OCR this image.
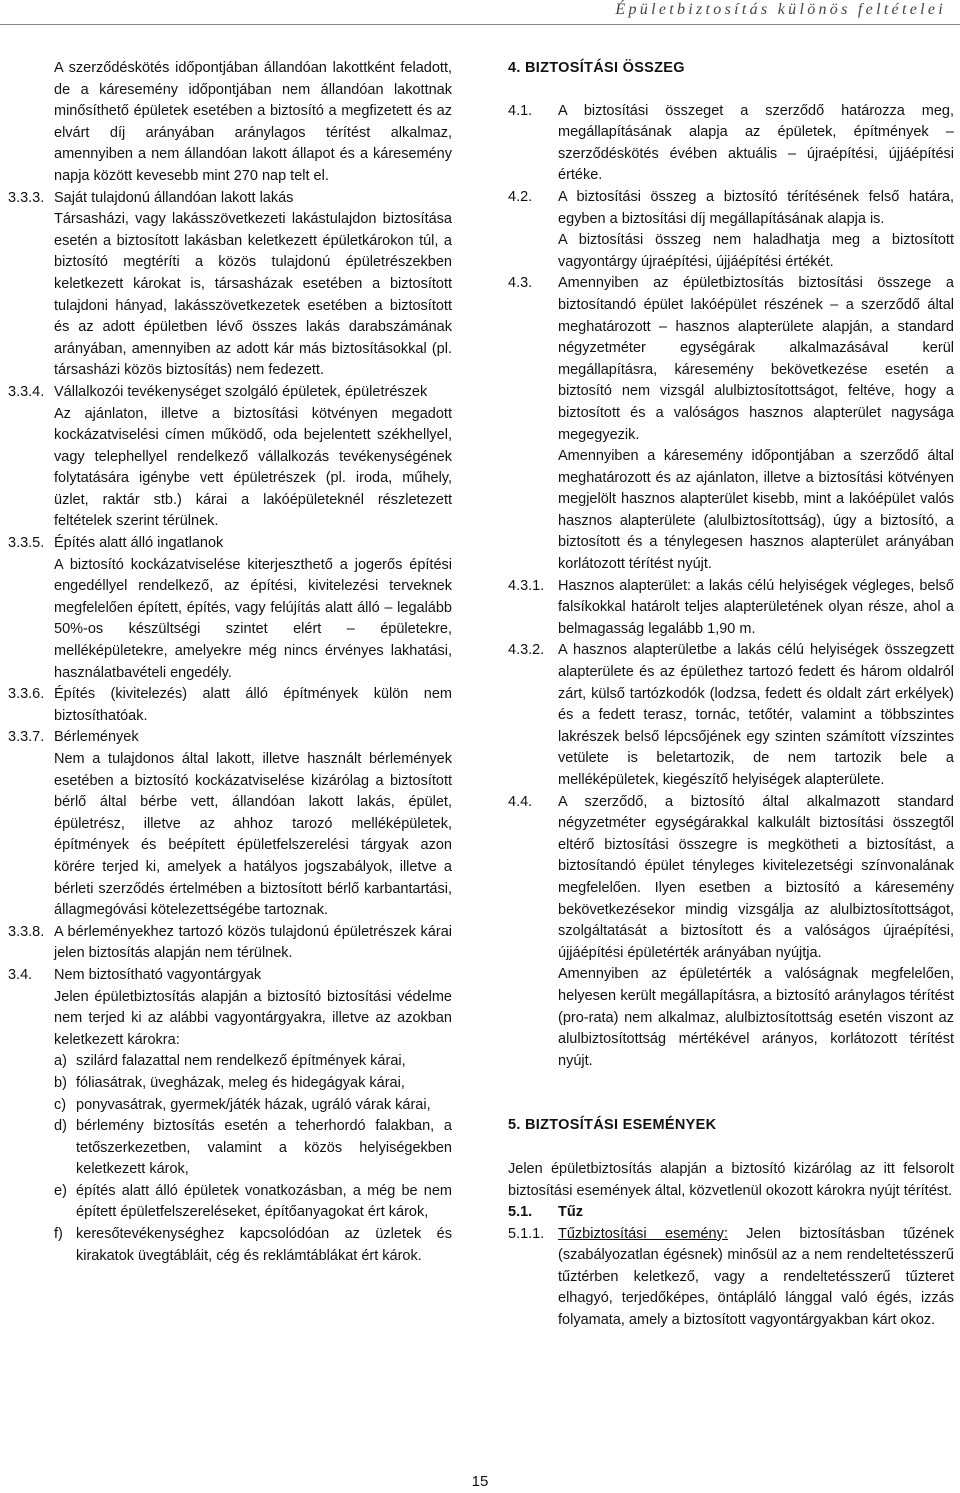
Épületbiztosítás különös feltételei
A szerződéskötés időpontjában állandóan lakottként feladott, de a káresemény időpontjában nem állandóan lakottnak minősíthető épületek esetében a biztosító a megfizetett és az elvárt díj arányában aránylagos térítést alkalmaz, amennyiben a nem állandóan lakott állapot és a káresemény napja között kevesebb mint 270 nap telt el.
3.3.3. Saját tulajdonú állandóan lakott lakás
Társasházi, vagy lakásszövetkezeti lakástulajdon biztosítása esetén a biztosított lakásban keletkezett épületkárokon túl, a biztosító megtéríti a közös tulajdonú épületrészekben keletkezett károkat is, társasházak esetében a biztosított tulajdoni hányad, lakásszövetkezetek esetében a biztosított és az adott épületben lévő összes lakás darabszámának arányában, amennyiben az adott kár más biztosításokkal (pl. társasházi közös biztosítás) nem fedezett.
3.3.4. Vállalkozói tevékenységet szolgáló épületek, épületrészek
Az ajánlaton, illetve a biztosítási kötvényen megadott kockázatviselési címen működő, oda bejelentett székhellyel, vagy telephellyel rendelkező vállalkozás tevékenységének folytatására igénybe vett épületrészek (pl. iroda, műhely, üzlet, raktár stb.) kárai a lakóépületeknél részletezett feltételek szerint térülnek.
3.3.5. Építés alatt álló ingatlanok
A biztosító kockázatviselése kiterjeszthető a jogerős építési engedéllyel rendelkező, az építési, kivitelezési terveknek megfelelően épített, építés, vagy felújítás alatt álló – legalább 50%-os készültségi szintet elért – épületekre, melléképületekre, amelyekre még nincs érvényes lakhatási, használatbavételi engedély.
3.3.6. Építés (kivitelezés) alatt álló építmények külön nem biztosíthatóak.
3.3.7. Bérlemények
Nem a tulajdonos által lakott, illetve használt bérlemények esetében a biztosító kockázatviselése kizárólag a biztosított bérlő által bérbe vett, állandóan lakott lakás, épület, épületrész, illetve az ahhoz tarozó melléképületek, építmények és beépített épületfelszerelési tárgyak azon körére terjed ki, amelyek a hatályos jogszabályok, illetve a bérleti szerződés értelmében a biztosított bérlő karbantartási, állagmegóvási kötelezettségébe tartoznak.
3.3.8. A bérleményekhez tartozó közös tulajdonú épületrészek kárai jelen biztosítás alapján nem térülnek.
3.4.	Nem biztosítható vagyontárgyak
Jelen épületbiztosítás alapján a biztosító biztosítási védelme nem terjed ki az alábbi vagyontárgyakra, illetve az azokban keletkezett károkra:
a) szilárd falazattal nem rendelkező építmények kárai,
b) fóliasátrak, üvegházak, meleg és hidegágyak kárai,
c) ponyvasátrak, gyermek/játék házak, ugráló várak kárai,
d) bérlemény biztosítás esetén a teherhordó falakban, a tetőszerkezetben, valamint a közös helyiségekben keletkezett károk,
e) építés alatt álló épületek vonatkozásban, a még be nem épített épületfelszereléseket, építőanyagokat ért károk,
f) keresőtevékenységhez kapcsolódóan az üzletek és kirakatok üvegtábláit, cég és reklámtáblákat ért károk.
4. BIZTOSÍTÁSI ÖSSZEG
4.1.	A biztosítási összeget a szerződő határozza meg, megállapításának alapja az épületek, építmények – szerződéskötés évében aktuális – újraépítési, újjáépítési értéke.
4.2.	A biztosítási összeg a biztosító térítésének felső határa, egyben a biztosítási díj megállapításának alapja is.
A biztosítási összeg nem haladhatja meg a biztosított vagyontárgy újraépítési, újjáépítési értékét.
4.3.	Amennyiben az épületbiztosítás biztosítási összege a biztosítandó épület lakóépület részének – a szerződő által meghatározott – hasznos alapterülete alapján, a standard négyzetméter egységárak alkalmazásával kerül megállapításra, káresemény bekövetkezése esetén a biztosító nem vizsgál alulbiztosítottságot, feltéve, hogy a biztosított és a valóságos hasznos alapterület nagysága megegyezik.
Amennyiben a káresemény időpontjában a szerződő által meghatározott és az ajánlaton, illetve a biztosítási kötvényen megjelölt hasznos alapterület kisebb, mint a lakóépület valós hasznos alapterülete (alulbiztosítottság), úgy a biztosító, a biztosított és a ténylegesen hasznos alapterület arányában korlátozott térítést nyújt.
4.3.1. Hasznos alapterület: a lakás célú helyiségek végleges, belső falsíkokkal határolt teljes alapterületének olyan része, ahol a belmagasság legalább 1,90 m.
4.3.2. A hasznos alapterületbe a lakás célú helyiségek összegzett alapterülete és az épülethez tartozó fedett és három oldalról zárt, külső tartózkodók (lodzsa, fedett és oldalt zárt erkélyek) és a fedett terasz, tornác, tetőtér, valamint a többszintes lakrészek belső lépcsőjének egy szinten számított vízszintes vetülete is beletartozik, de nem tartozik bele a melléképületek, kiegészítő helyiségek alapterülete.
4.4.	A szerződő, a biztosító által alkalmazott standard négyzetméter egységárakkal kalkulált biztosítási összegtől eltérő biztosítási összegre is megkötheti a biztosítást, a biztosítandó épület tényleges kivitelezetségi színvonalának megfelelően. Ilyen esetben a biztosító a káresemény bekövetkezésekor mindig vizsgálja az alulbiztosítottságot, szolgáltatását a biztosított és a valóságos újraépítési, újjáépítési épületérték arányában nyújtja.
Amennyiben az épületérték a valóságnak megfelelően, helyesen került megállapításra, a biztosító aránylagos térítést (pro-rata) nem alkalmaz, alulbiztosítottság esetén viszont az alulbiztosítottság mértékével arányos, korlátozott térítést nyújt.
5. BIZTOSÍTÁSI ESEMÉNYEK
Jelen épületbiztosítás alapján a biztosító kizárólag az itt felsorolt biztosítási események által, közvetlenül okozott károkra nyújt térítést.
5.1.	Tűz
5.1.1. Tűzbiztosítási esemény: Jelen biztosításban tűzének (szabályozatlan égésnek) minősül az a nem rendeltetésszerű tűztérben keletkező, vagy a rendeltetésszerű tűzteret elhagyó, terjedőképes, öntápláló lánggal való égés, izzás folyamata, amely a biztosított vagyontárgyakban kárt okoz.
15
